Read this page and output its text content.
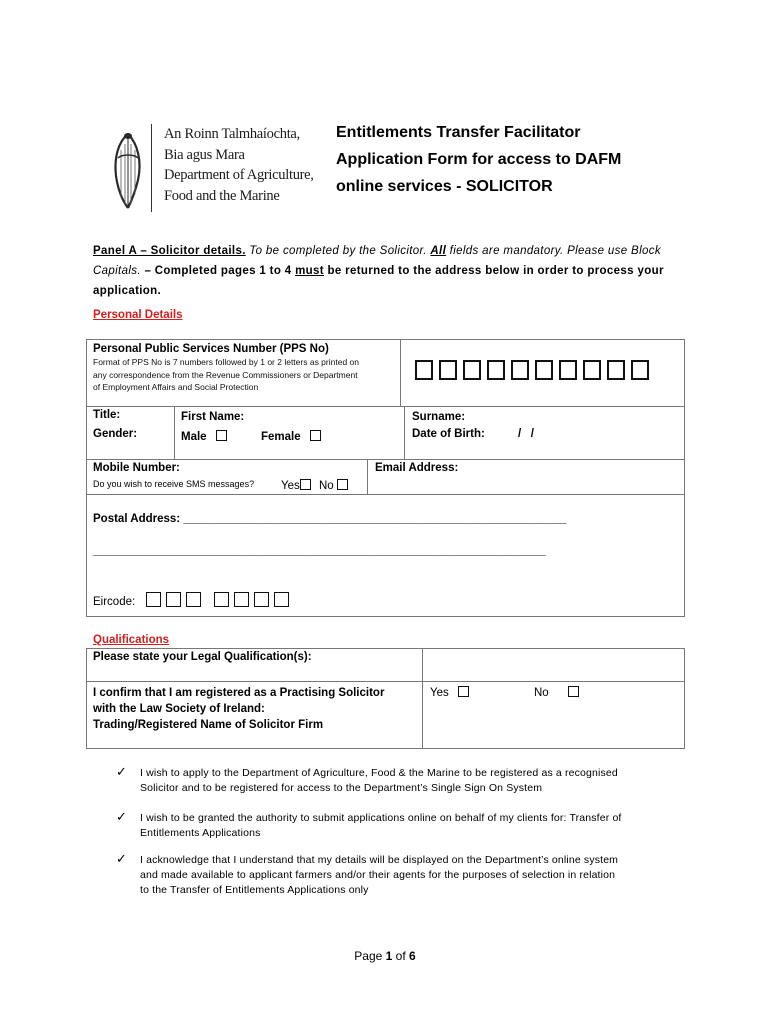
An Roinn Talmhaíochta,
Bia agus Mara
Department of Agriculture,
Food and the Marine
Entitlements Transfer Facilitator
Application Form for access to DAFM
online services - SOLICITOR
Panel A – Solicitor details. To be completed by the Solicitor. All fields are mandatory. Please use Block Capitals. – Completed pages 1 to 4 must be returned to the address below in order to process your application.
Personal Details
Personal Public Services Number (PPS No)
Format of PPS No is 7 numbers followed by 1 or 2 letters as printed on
any correspondence from the Revenue Commissioners or Department
of Employment Affairs and Social Protection
Title:	First Name:	Surname:
Gender:	Male	Female	Date of Birth:	/   /
Mobile Number:
Do you wish to receive SMS messages? Yes	No
Email Address:
Postal Address: __________________________________________________________________
______________________________________________________________________________
Eircode:
Qualifications
Please state your Legal Qualification(s):
I confirm that I am registered as a Practising Solicitor
with the Law Society of Ireland:
Trading/Registered Name of Solicitor Firm
Yes	No
✓ I wish to apply to the Department of Agriculture, Food & the Marine to be registered as a recognised
Solicitor and to be registered for access to the Department’s Single Sign On System
✓ I wish to be granted the authority to submit applications online on behalf of my clients for: Transfer of
Entitlements Applications
✓ I acknowledge that I understand that my details will be displayed on the Department’s online system
and made available to applicant farmers and/or their agents for the purposes of selection in relation
to the Transfer of Entitlements Applications only
Page 1 of 6
